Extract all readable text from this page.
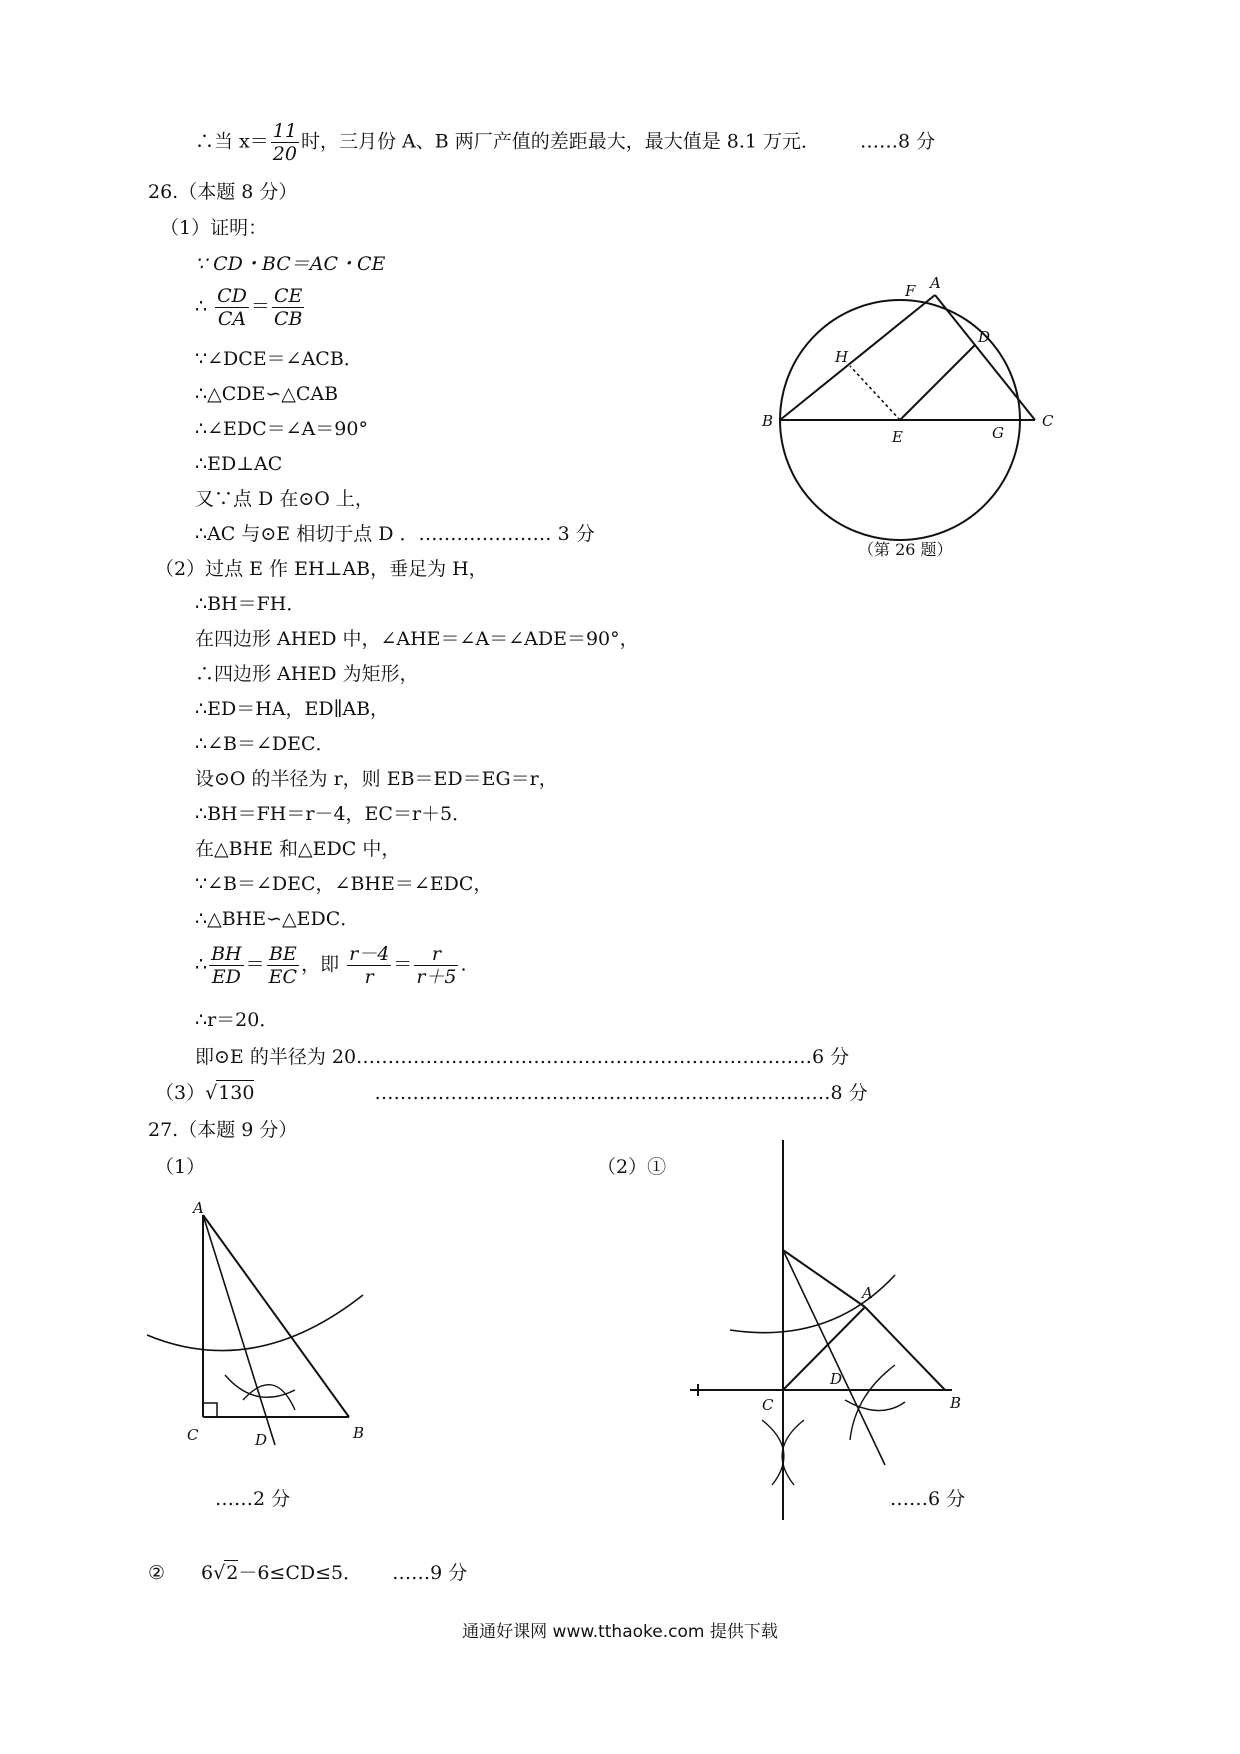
∴当 $x= \frac{11}{20}$ 时，三月份 A、B 两厂产值的差距最大，最大值是 8.1 万元． ……8 分
26.（本题 8 分）
（1）证明：
∵ CD・BC＝AC・CE
∴ $\frac{CD}{CA} = \frac{CE}{CB}$
∵∠DCE＝∠ACB．
∴△CDE∽△CAB
∴∠EDC＝∠A＝90°
∴ED⊥AC
又∵点 D 在⊙O 上，
∴AC 与⊙E 相切于点 D ．………………… 3 分
（2）过点 E 作 EH⊥AB，垂足为 H，
∴BH＝FH．
在四边形 AHED 中，∠AHE＝∠A＝∠ADE＝90°，
∴四边形 AHED 为矩形，
∴ED＝HA，ED∥AB，
∴∠B＝∠DEC．
设⊙O 的半径为 r，则 EB＝ED＝EG＝r，
∴BH＝FH＝r－4，EC＝r＋5．
在△BHE 和△EDC 中，
∵∠B＝∠DEC，∠BHE＝∠EDC，
∴△BHE∽△EDC．
∴ $\frac{BH}{ED} = \frac{BE}{EC}$ ，即 $\frac{r-4}{r} = \frac{r}{r+5}$ .
∴r＝20．
即⊙E 的半径为 20………………………………………………………………6 分
（3）√130	………………………………………………………………8 分
A
F
H
D
B
E	G
C
（第 26 题）
27.（本题 9 分）
（1）	（2）①
A
C	D	B
……2 分
A
D
C	B
……6 分
② 6√2－6≤CD≤5． ……9 分
通通好课网 www.tthaoke.com 提供下载
